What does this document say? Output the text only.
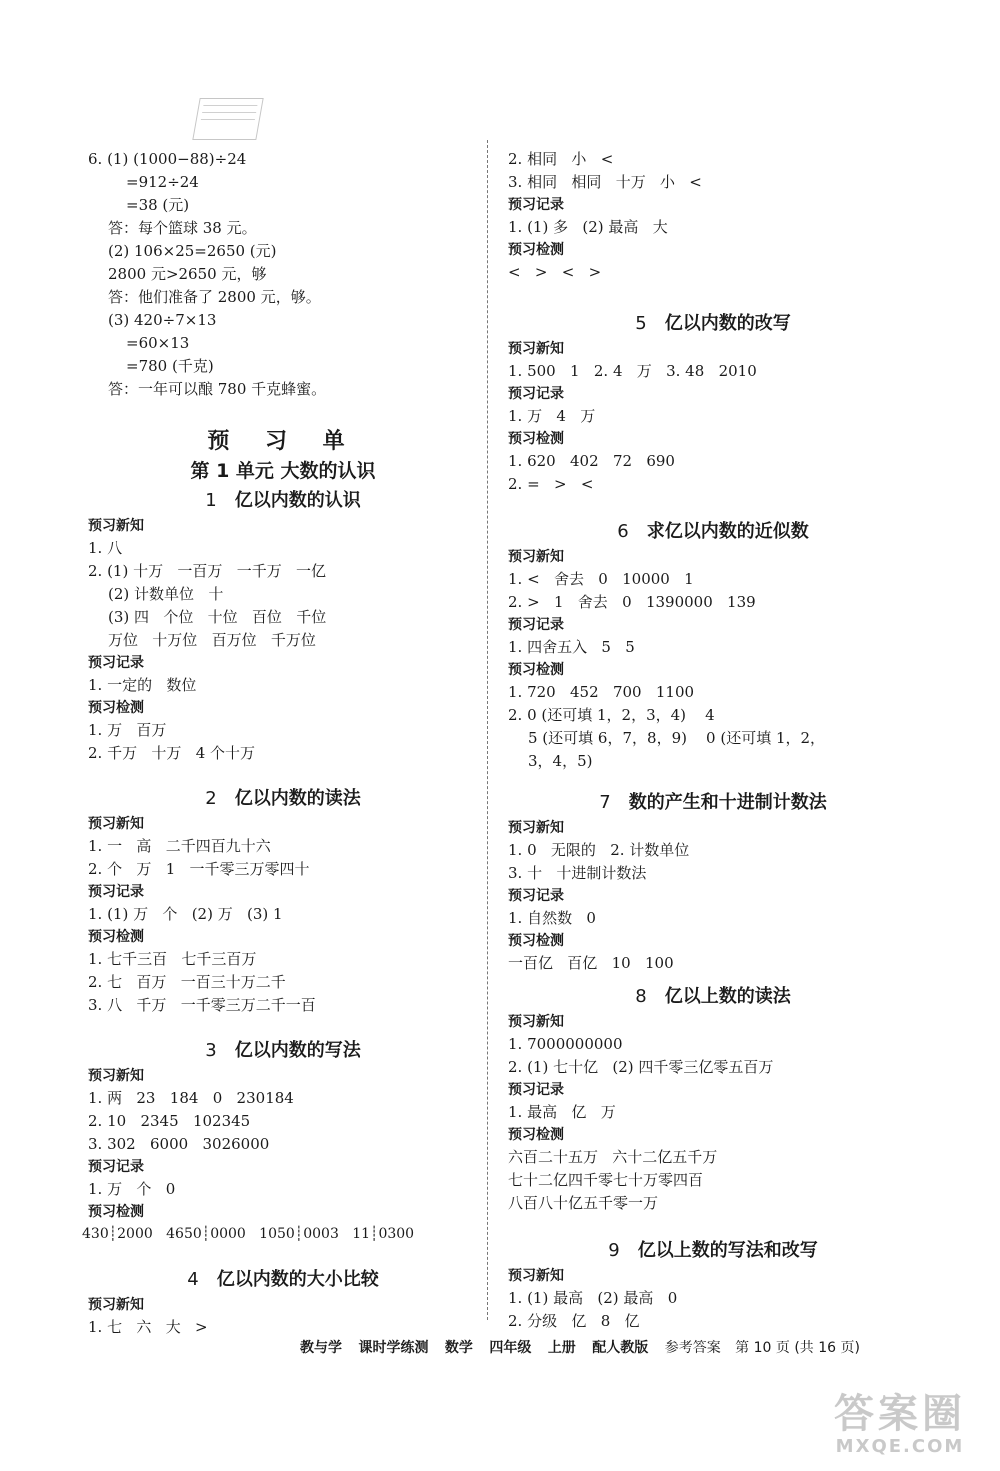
6. (1) (1000−88)÷24
=912÷24
=38 (元)
答：每个篮球 38 元。
(2) 106×25=2650 (元)
2800 元>2650 元，够
答：他们准备了 2800 元，够。
(3) 420÷7×13
=60×13
=780 (千克)
答：一年可以酿 780 千克蜂蜜。
预 习 单
第 1 单元 大数的认识
1 亿以内数的认识
预习新知
1. 八
2. (1) 十万   一百万   一千万   一亿
(2) 计数单位   十
(3) 四   个位   十位   百位   千位
万位   十万位   百万位   千万位
预习记录
1. 一定的   数位
预习检测
1. 万   百万
2. 千万   十万   4 个十万
2 亿以内数的读法
预习新知
1. 一   高   二千四百九十六
2. 个   万   1   一千零三万零四十
预习记录
1. (1) 万   个   (2) 万   (3) 1
预习检测
1. 七千三百   七千三百万
2. 七   百万   一百三十万二千
3. 八   千万   一千零三万二千一百
3 亿以内数的写法
预习新知
1. 两   23   184   0   230184
2. 10   2345   102345
3. 302   6000   3026000
预习记录
1. 万   个   0
预习检测
430┊2000   4650┊0000   1050┊0003   11┊0300
4 亿以内数的大小比较
预习新知
1. 七   六   大   >
2. 相同   小   <
3. 相同   相同   十万   小   <
预习记录
1. (1) 多   (2) 最高   大
预习检测
<   >   <   >
5 亿以内数的改写
预习新知
1. 500   1   2. 4   万   3. 48   2010
预习记录
1. 万   4   万
预习检测
1. 620   402   72   690
2. =   >   <
6 求亿以内数的近似数
预习新知
1. <   舍去   0   10000   1
2. >   1   舍去   0   1390000   139
预习记录
1. 四舍五入   5   5
预习检测
1. 720   452   700   1100
2. 0 (还可填 1，2，3，4)    4
5 (还可填 6，7，8，9)    0 (还可填 1，2，
3，4，5)
7 数的产生和十进制计数法
预习新知
1. 0   无限的   2. 计数单位
3. 十   十进制计数法
预习记录
1. 自然数   0
预习检测
一百亿   百亿   10   100
8 亿以上数的读法
预习新知
1. 7000000000
2. (1) 七十亿   (2) 四千零三亿零五百万
预习记录
1. 最高   亿   万
预习检测
六百二十五万   六十二亿五千万
七十二亿四千零七十万零四百
八百八十亿五千零一万
9 亿以上数的写法和改写
预习新知
1. (1) 最高   (2) 最高   0
2. 分级   亿   8   亿
教与学 课时学练测 数学 四年级 上册 配人教版 参考答案 第 10 页 (共 16 页)
答案圈
MXQE.COM
